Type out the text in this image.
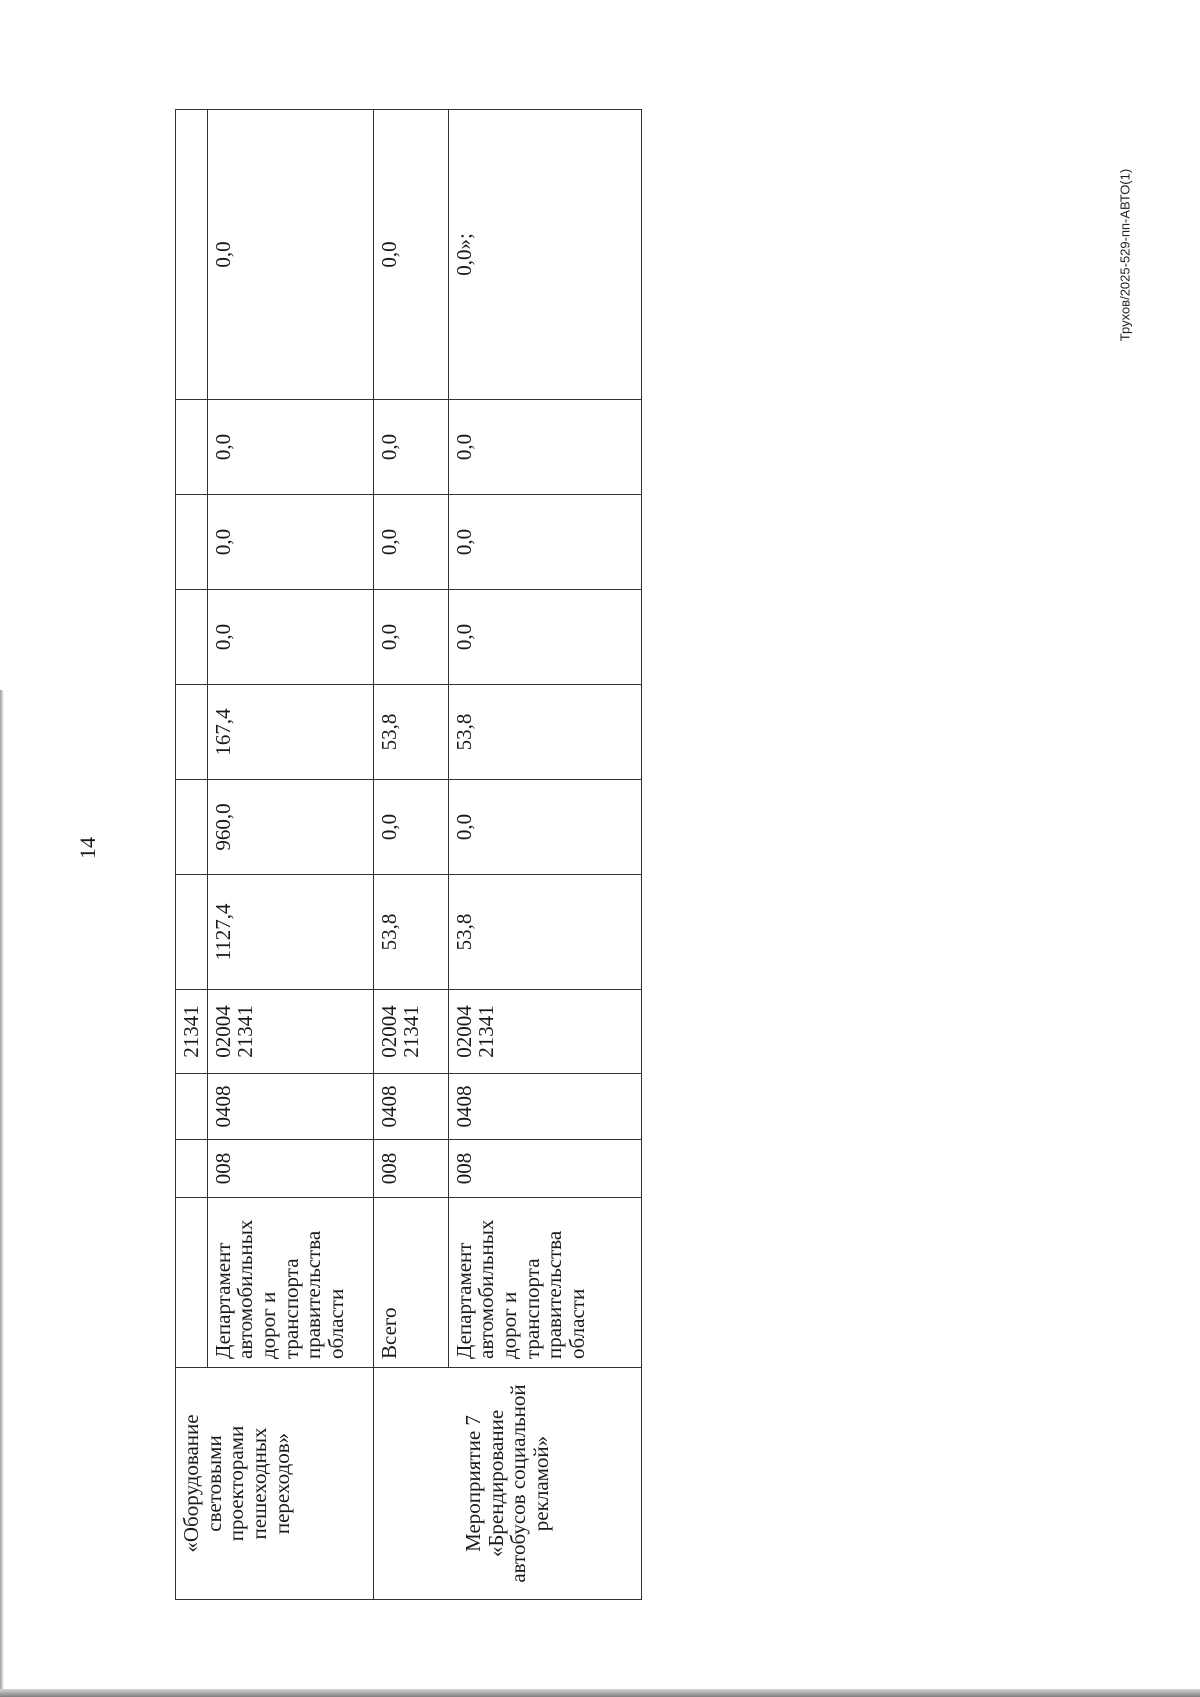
14
Трухов/2025-529-пп-АВТО(1)
«Оборудование световыми проекторами пешеходных переходов»				21341							
	Департамент автомобильных дорог и транспорта правительства области	008	0408	02004 21341	1127,4	960,0	167,4	0,0	0,0	0,0	0,0
Мероприятие 7 «Брендирование автобусов социальной рекламой»	Всего	008	0408	02004 21341	53,8	0,0	53,8	0,0	0,0	0,0	0,0
	Департамент автомобильных дорог и транспорта правительства области	008	0408	02004 21341	53,8	0,0	53,8	0,0	0,0	0,0	0,0»;
